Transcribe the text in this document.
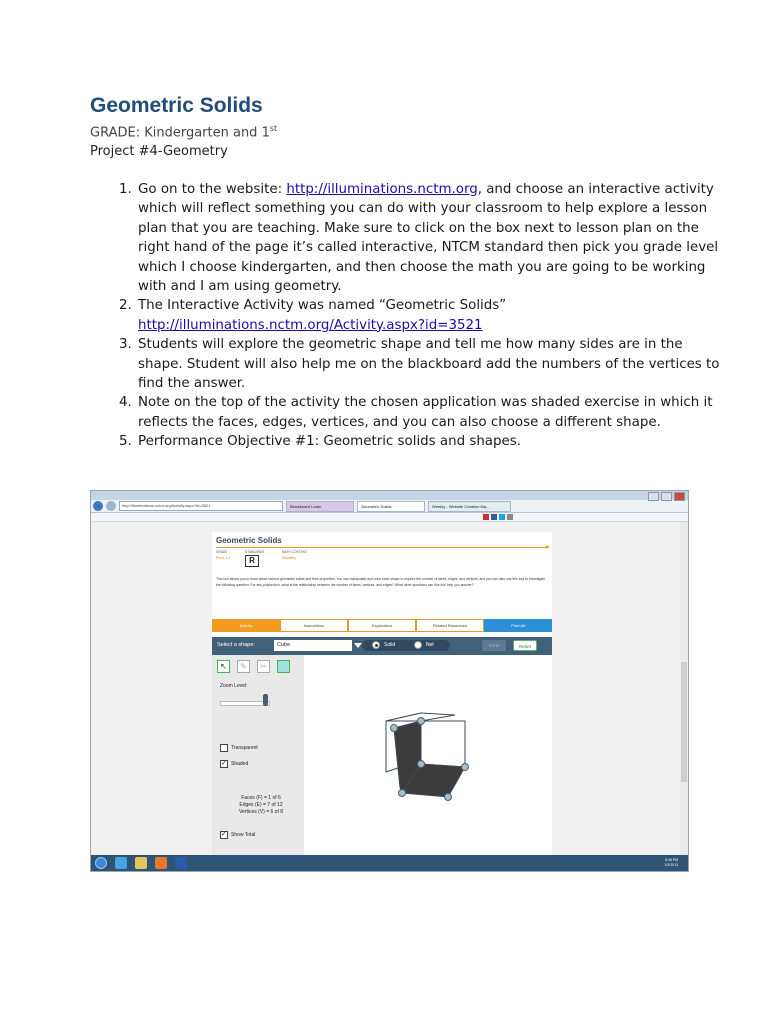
Geometric Solids
GRADE: Kindergarten and 1st
Project #4-Geometry
1. Go on to the website: http://illuminations.nctm.org, and choose an interactive activity which will reflect something you can do with your classroom to help explore a lesson plan that you are teaching. Make sure to click on the box next to lesson plan on the right hand of the page it’s called interactive, NTCM standard then pick you grade level which I choose kindergarten, and then choose the math you are going to be working with and I am using geometry.
2. The Interactive Activity was named “Geometric Solids” http://illuminations.nctm.org/Activity.aspx?id=3521
3. Students will explore the geometric shape and tell me how many sides are in the shape. Student will also help me on the blackboard add the numbers of the vertices to find the answer.
4. Note on the top of the activity the chosen application was shaded exercise in which it reflects the faces, edges, vertices, and you can also choose a different shape.
5. Performance Objective #1: Geometric solids and shapes.
http://illuminations.nctm.org/Activity.aspx?id=3521	Blackboard Learn	Geometric Solids	Weebly - Website Creation Ma...
Geometric Solids
GRADE
Pre-K, 1-2
STANDARDS
R
MATH CONTENT
Geometry
This tool allows you to learn about various geometric solids and their properties. You can manipulate and color each shape to explore the number of faces, edges, and vertices, and you can also use this tool to investigate the following question: For any polyhedron, what is the relationship between the number of faces, vertices, and edges? What other questions can this tool help you answer?
Activity	Instructions	Exploration	Related Resources	Print All
Select a shape:	Cube	Solid	Net	Done	Reset
↖	✎	✂
Zoom Level:
Transparent
✓ Shaded
Faces (F) = 1 of 6
Edges (E) = 7 of 12
Vertices (V) = 6 of 8
✓ Show Total
5:48 PM
1/2/2013
